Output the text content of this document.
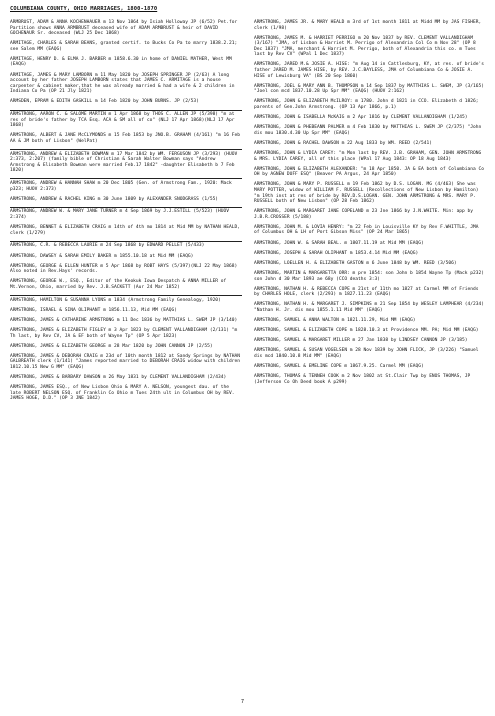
COLUMBIANA COUNTY, OHIO MARRIAGES, 1800-1870
ARMBRUST, ADAM & ANNA KOCHENHAUER m 13 Nov 1864 by Isiah Holloway JP (6/52) Pet.for Partition shows ANNA ARMBRUST deceased wife of ADAM ARMBRUST & heir of DAVID GOCHENAUR Sr. deceased (WLJ 25 Dec 1868)
ARMITAGE, CHARLES & SARAH BEANS, granted certif. to Bucks Co Pa to marry 1838.2.21; see Salem MM (EAQG)
ARMITAGE, HENRY D. & ELMA J. BARBER m 1858.6.30 in home of DANIEL MATHER, West MM (EAQG)
ARMITAGE, JAMES & MARY LAMBORN m 11 May 1820 by JOSEPH SPRINGER JP (2/63) A long account by her father JOSEPH LAMBORN states that JAMES C. ARMITAGE is a house carpenter & cabinet maker,that he was already married & had a wife & 2 children in Indiana Co Pa (OP 21 Jly 1821)
ARMSDEN, EPRAM & EDITH GASKILL m 14 Feb 1820 by JOHN BURNS. JP (2/53)
ARMSTRONG, AARON C. & SALOME MARTIN m 1 Apr 1868 by THOS C. ALLEN JP (5/398) "m at res of bride's father by TCA Esq. ACA & SM all of co" (NLJ 17 Apr 1868)(NLJ 17 Apr 1868)
ARMSTRONG, ALBERT & JANE McCLYMONDS m 15 Feb 1853 by JNO.B. GRAHAM (4/161) "m 16 Feb AA & JM both of Lisbon" (WelPat)
ARMSTRONG, ANDREW & ELIZABETH BOWMAN m 17 Mar 1842 by WM. FERGUSON JP (3/293) (HUOV 2:373, 2:207) (family bible of Christian & Sarah Walter Bowman says "Andrew Armstrong & Elisabeth Bowman were married Feb.17 1842" -daughter Elisabeth b 7 Feb 1820)
ARMSTRONG, ANDREW & HANNAH SHAW m 20 Dec 1805 (Gen. of Armstrong Fam., 1920: Mack p323; HUOV 2:373)
ARMSTRONG, ANDREW & RACHEL KING m 30 June 1809 by ALEXANDER SNODGRASS (1/55)
ARMSTRONG, ANDREW W. & MARY JANE TURNER m 4 Sep 1869 by J.J.ESTILL (5/523) (HUOV 2:374)
ARMSTRONG, BENNET & ELIZABETH CRAIG m 14th of 4th mo 1814 at Mid MM by NATHAN HEALD, clerk (1/279)
ARMSTRONG, C.R. & REBECCA LAURIE m 24 Sep 1868 by EDWARD PELLET (5/433)
ARMSTRONG, DAWSEY & SARAH EMILY BAKER m 1855.10.18 at Mid MM (EAQG)
ARMSTRONG, GEORGE & ELLEN HUNTER m 5 Apr 1868 by ROBT HAYS (5/397)(NLJ 22 May 1868) Also noted in Rev.Hays' records.
ARMSTRONG, GEORGE W., ESQ., Editor of the Keokuk Iowa Despatch & ANNA MILLER of Mt.Vernon, Ohio, married by Rev. J.B.SACKETT (Aur 24 Mar 1852)
ARMSTRONG, HAMILTON & SUSANNA LYONS m 1834 (Armstrong Family Genealogy, 1920)
ARMSTRONG, ISRAEL & SINA OLIPHANT m 1856.11.13, Mid MM (EAQG)
ARMSTRONG, JAMES & CATHARINE ARMSTRONG m 11 Dec 1836 by MATTHIAS L. SWEM JP (3/140)
ARMSTRONG, JAMES & ELIZABETH FIGLEY m 3 Apr 1823 by CLEMENT VALLANDIGHAM (2/131) "m Th last, by Rev CV, JA & EF both of Wayne Tp" (OP 5 Apr 1823)
ARMSTRONG, JAMES & ELIZABETH GEORGE m 28 Mar 1820 by JOHN CANNON JP (2/55)
ARMSTRONG, JAMES & DEBORAH CRAIG m 23d of 10th month 1812 at Sandy Springs by NATHAN GALBREATH clerk (1/141) "James reported married to DEBORAH CRAIG widow with children 1812.10.15 New G MM" (EAQG)
ARMSTRONG, JAMES & BARBARY DAWSON m 26 May 1831 by CLEMENT VALLANDIGHAM (2/434)
ARMSTRONG, JAMES ESQ., of New Lisbon Ohio & MARY A. NELSON, youngest dau. of the late ROBERT NELSON ESQ. of Franklin Co Ohio m Tues 24th ult in Columbus OH by REV. JAMES HOGE, D.D." (OP 3 JNE 1842)
ARMSTRONG, JAMES JR. & MARY HEALD m 3rd of 1st month 1811 at Midd MM by JAS FISHER, clerk (1/98)
ARMSTRONG, JAMES M. & HARRIET PERRIGO m 20 Nov 1837 by REV. CLEMENT VALLANDIGHAM (3/167) "JMA, of Lisbon & Harriet M. Perrigo of Alexandria Col Co m Nov 28" (OP 8 Dec 1837) "JMA, merchant & Harriet M. Perrigo, both of Alexandria this co. m Tues last by Rev CV" (WPal 1 Dec 1837)
ARMSTRONG, JARED M.& JOSIE A. HISE: "m Aug 14 in Cattlesburg, KY, at res. of bride's father JARED M. JAMES HISE, by REV. J.C.BAYLESS, JMA of Columbiana Co & JOSIE A. HISE of Lewisburg VA" (BS 20 Sep 1860)
ARMSTRONG, JOEL & MARY ANN B. THOMPSON m 14 Sep 1837 by MATTHIAS L. SWEM, JP (3/165) "Joel con mcd 1837.10.28 Up Spr MM" (EAQG) (HUOV 2:162)
ARMSTRONG, JOHN & ELIZABETH McILROY: m 1780. John d 1821 in CCO. Elizabeth d 1826; parents of Gen.John Armstrong. (OP 13 Apr 1866, p.1)
ARMSTRONG, JOHN & ISABELLA McKAIG m 2 Apr 1816 by CLEMENT VALLANDIGHAM (1/245)
ARMSTRONG, JOHN & PHEBEANN PALMER m 4 Feb 1830 by MATTHIAS L. SWEM JP (2/375) "John dis mou 1830.4.30 Up Spr MM" (EAQG)
ARMSTRONG, JOHN & RACHEL DAWSON m 22 Aug 1833 by WM. REED (2/541)
ARMSTRONG, JOHN & LYDIA CAREY: "m Mon last by REV. J.B. GRAHAM, GEN. JOHN ARMSTRONG & MRS. LYDIA CAREY, all of this place (WPal 17 Aug 1843: OP 18 Aug 1843)
ARMSTRONG, JOHN & ELIZABETH ALEXANDER: "m 18 Apr 1850. JA & EA both of Columbiana Co OH by AGNEW DUFF ESQ" (Beaver PA Argus, 24 Apr 1850)
ARMSTRONG, JOHN & MARY P. RUSSELL m 19 Feb 1862 by D.S. LOGAN. MG (4/463) She was MARY POTTER, widow of WILLIAM F. RUSSELL (Recollections of New Lisbon by Hamilton) "m 19th inst at res of bride by REV.D.S.LOGAN. GEN. JOHN ARMSTRONG & MRS. MARY P. RUSSELL both of New Lisbon" (OP 28 Feb 1862)
ARMSTRONG, JOHN & MARGARET JANE COPELAND m 23 Jne 1866 by J.N.WHITE. Min: app by J.B.R.CROSSER (5/188)
ARMSTRONG, JOHN M. & LOVIA HENRY: "m 22 Feb in Louisville KY by Rev F.WHITTLE, JMA of Columbus OH & LH of Port Gibson Miss" (OP 24 Mar 1865)
ARMSTRONG, JOHN W. & SARAH BEAL. m 1807.11.19 at Mid MM (EAQG)
ARMSTRONG, JOSEPH & SARAH OLIPHANT m 1853.4.14 Mid MM (EAQG)
ARMSTRONG, LOELLEN H. & ELIZABETH GASTON m 6 June 1848 by WM. REED (3/506)
ARMSTRONG, MARTIN & MARGARETTA ORR: m pre 1854: son John b 1854 Wayne Tp (Mack p232) son John d 30 Mar 1893 ae 68y (CCO deaths 3:3)
ARMSTRONG, NATHAN H. & REBECCA COPE m 21st of 11th mo 1827 at Carmel MM of Friends by CHARLES HOLE, clerk (2/293) m 1827.11.23 (EAQG)
ARMSTRONG, NATHAN H. & MARGARET J. SIMPKINS m 21 Sep 1854 by WESLEY LAMPHEAR (4/234) "Nathan H. Jr. dis mou 1855.1.11 Mid MM" (EAQG)
ARMSTRONG, SAMUEL & ANNA WALTON m 1821.11.29, Mid MM (EAQG)
ARMSTRONG, SAMUEL & ELIZABETH COPE m 1828.10.3 at Providence MM. PA; Mid MM (EAQG)
ARMSTRONG, SAMUEL & MARGARET MILLER m 27 Jan 1838 by LINDSEY CANNON JP (3/185)
ARMSTRONG, SAMUEL & SUSAN VOGELSEN m 28 Nov 1839 by JOHN FLICK, JP (3/226) "Samuel dis mcd 1840.10.8 Mid MM" (EAQG)
ARMSTRONG, SAMUEL & EMELINE COPE m 1867.9.25. Carmel MM (EAQG)
ARMSTRONG, THOMAS & TENNEH COOK m 2 Nov 1802 at St.Clair Twp by ENOS THOMAS, JP (Jefferson Co Oh Deed book A p299)
7
